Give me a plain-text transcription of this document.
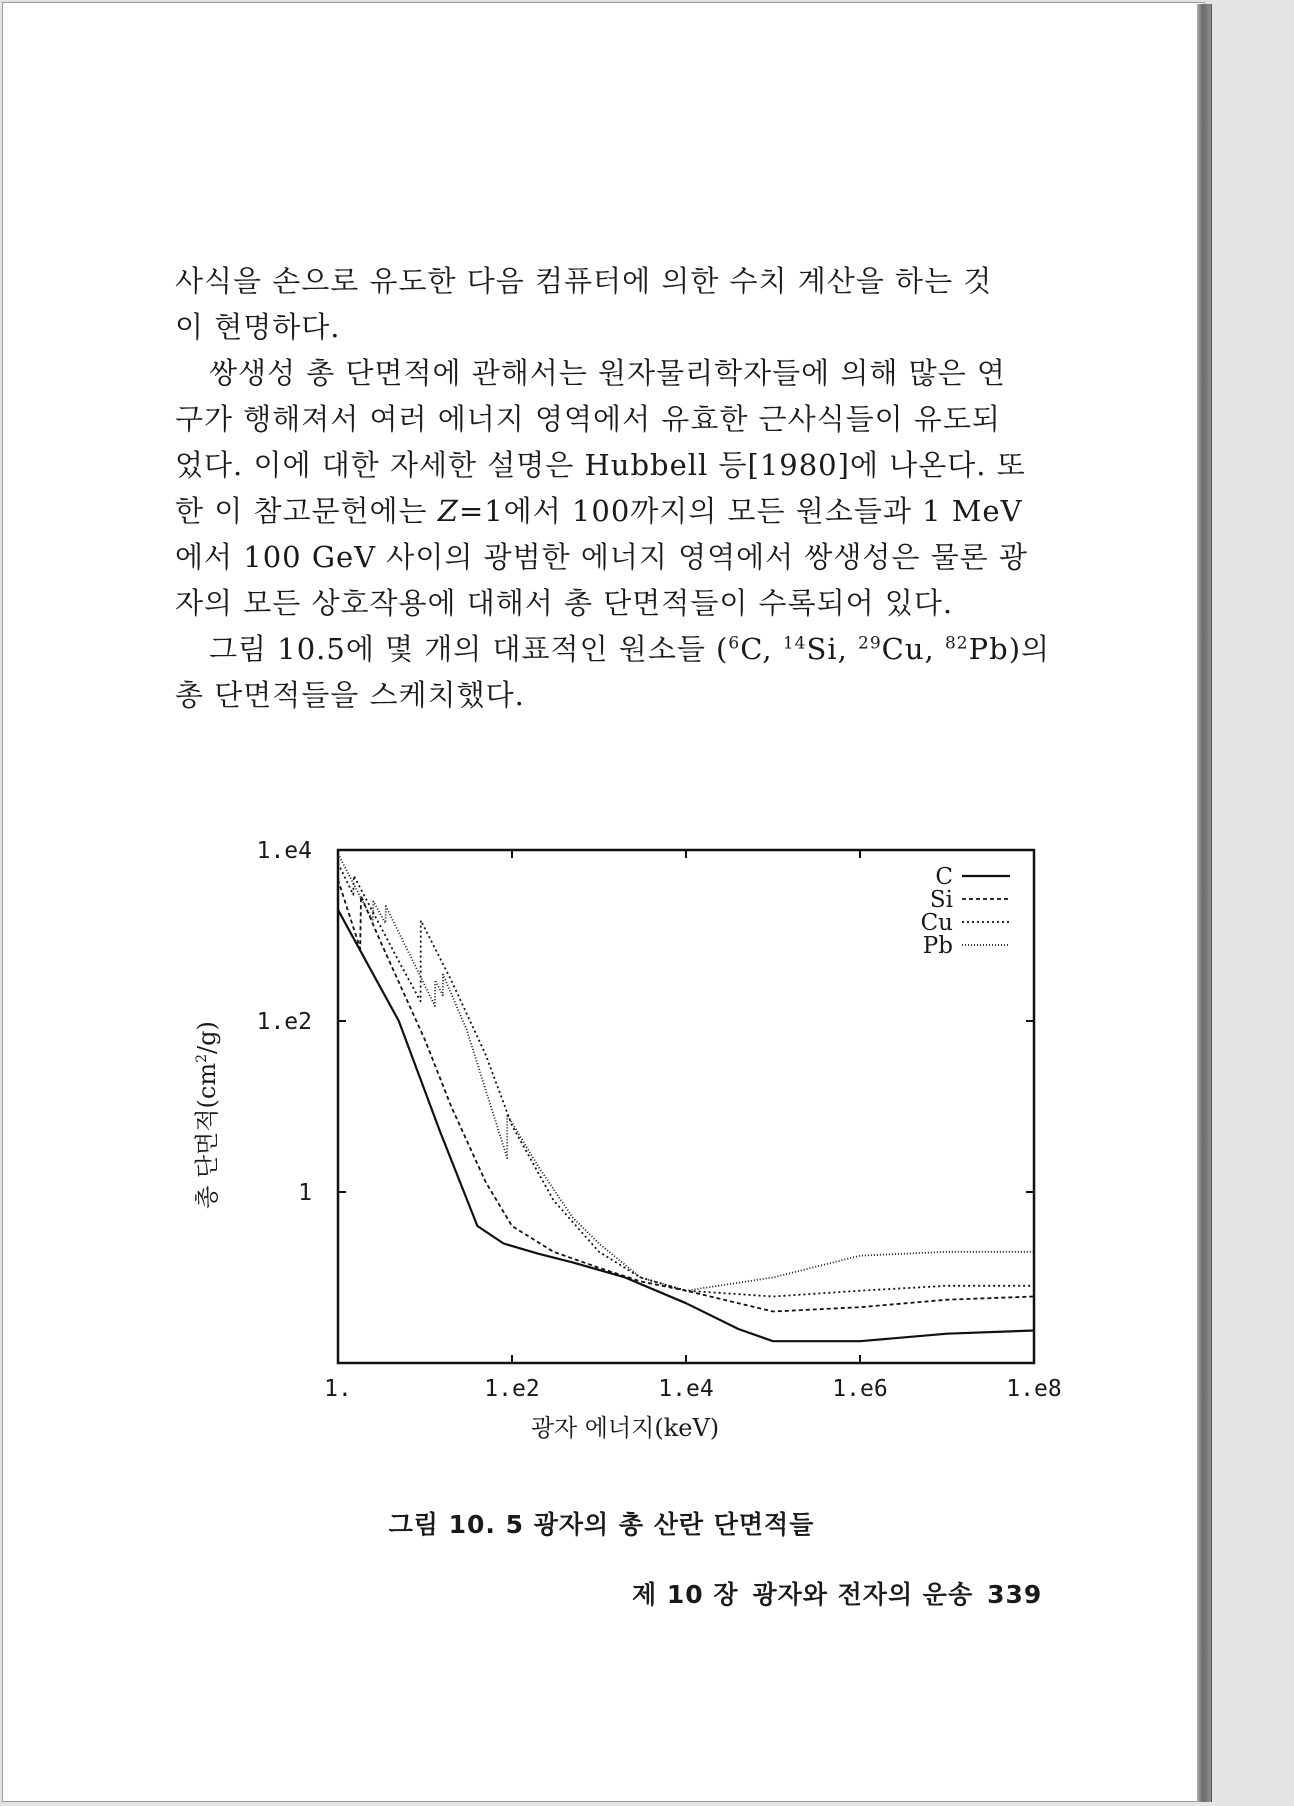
사식을 손으로 유도한 다음 컴퓨터에 의한 수치 계산을 하는 것

이 현명하다.

쌍생성 총 단면적에 관해서는 원자물리학자들에 의해 많은 연

구가 행해져서 여러 에너지 영역에서 유효한 근사식들이 유도되

었다. 이에 대한 자세한 설명은 Hubbell 등[1980]에 나온다. 또

한 이 참고문헌에는 Z=1에서 100까지의 모든 원소들과 1 MeV

에서 100 GeV 사이의 광범한 에너지 영역에서 쌍생성은 물론 광

자의 모든 상호작용에 대해서 총 단면적들이 수록되어 있다.

그림 10.5에 몇 개의 대표적인 원소들 ($^6$C, $^{14}$Si, $^{29}$Cu, $^{82}$Pb)의

총 단면적들을 스케치했다.

1.	1.e2	1.e4	1.e6	1.e8
1
1.e2
1.e4
C
Si
Cu
Pb
광자 에너지(keV)
총 단면적$(cm^2/g)$
그림 10. 5 광자의 총 산란 단면적들
제 10 장 광자와 전자의 운송 339
